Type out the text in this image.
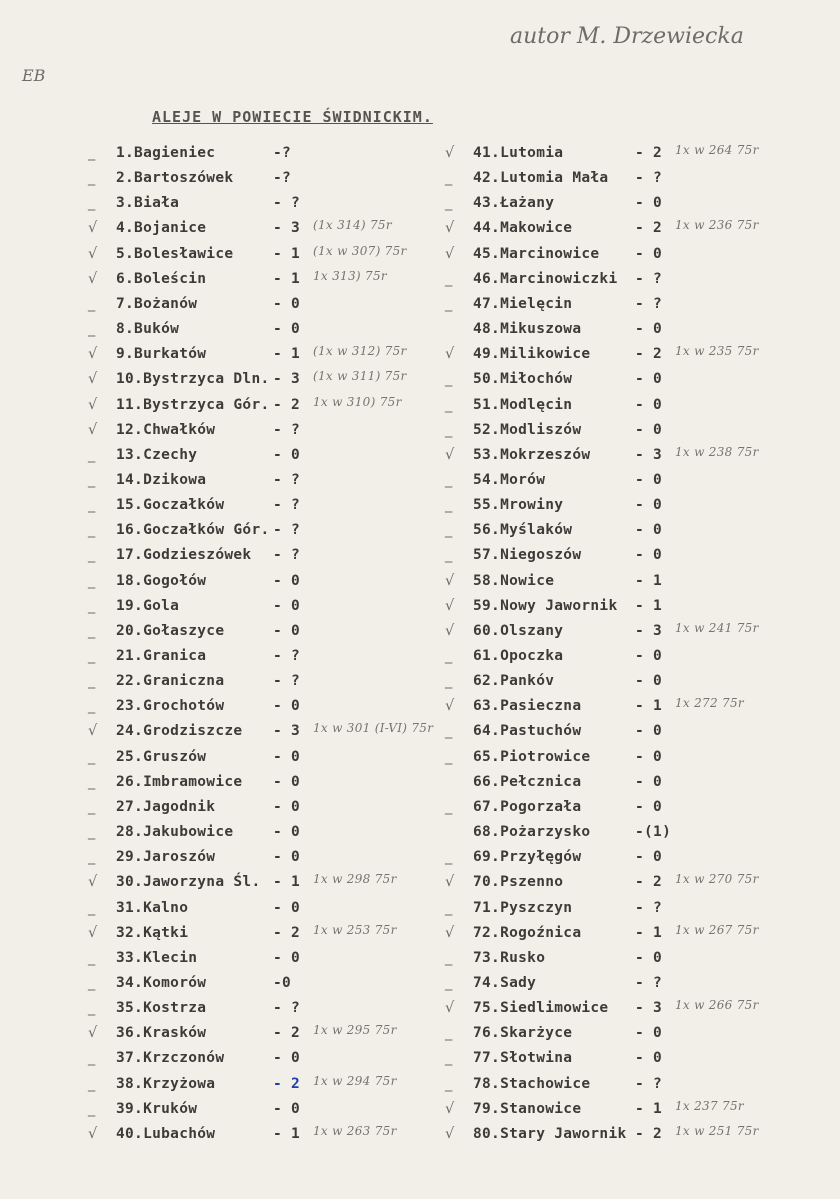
EB
autor M. Drzewiecka
ALEJE W POWIECIE ŚWIDNICKIM.
_ 1.Bagieniec	-?
_ 2.Bartoszówek	-?
_ 3.Biała	- ?
√ 4.Bojanice	- 3 (1x 314) 75r
√ 5.Bolesławice	- 1 (1x w 307) 75r
√ 6.Boleścin	- 1 1x 313) 75r
_ 7.Bożanów	- 0
_ 8.Buków	- 0
√ 9.Burkatów	- 1 (1x w 312) 75r
√ 10.Bystrzyca Dln. - 3 (1x w 311) 75r
√ 11.Bystrzyca Gór. - 2 1x w 310) 75r
√ 12.Chwałków	- ?
_ 13.Czechy	- 0
_ 14.Dzikowa	- ?
_ 15.Goczałków	- ?
_ 16.Goczałków Gór. - ?
_ 17.Godzieszówek - ?
_ 18.Gogołów	- 0
_ 19.Gola	- 0
_ 20.Gołaszyce	- 0
_ 21.Granica	- ?
_ 22.Graniczna	- ?
_ 23.Grochotów	- 0
√ 24.Grodziszcze - 3 1x w 301 (I-VI) 75r
_ 25.Gruszów	- 0
_ 26.Imbramowice - 0
_ 27.Jagodnik	- 0
_ 28.Jakubowice	- 0
_ 29.Jaroszów	- 0
√ 30.Jaworzyna Śl. - 1 1x w 298 75r
_ 31.Kalno	- 0
√ 32.Kątki	- 2 1x w 253 75r
_ 33.Klecin	- 0
_ 34.Komorów	-0
_ 35.Kostrza	- ?
√ 36.Krasków	- 2 1x w 295 75r
_ 37.Krzczonów	- 0
_ 38.Krzyżowa	- 2 1x w 294 75r
_ 39.Kruków	- 0
√ 40.Lubachów	- 1 1x w 263 75r
√ 41.Lutomia	- 2 1x w 264 75r
_ 42.Lutomia Mała - ?
_ 43.Łażany	- 0
√ 44.Makowice	- 2 1x w 236 75r
√ 45.Marcinowice - 0
_ 46.Marcinowiczki - ?
_ 47.Mielęcin	- ?
48.Mikuszowa	- 0
√ 49.Milikowice	- 2 1x w 235 75r
_ 50.Miłochów	- 0
_ 51.Modlęcin	- 0
_ 52.Modliszów	- 0
√ 53.Mokrzeszów	- 3 1x w 238 75r
_ 54.Morów	- 0
_ 55.Mrowiny	- 0
_ 56.Myślaków	- 0
_ 57.Niegoszów	- 0
√ 58.Nowice	- 1
√ 59.Nowy Jawornik - 1
√ 60.Olszany	- 3 1x w 241 75r
_ 61.Opoczka	- 0
_ 62.Pankóv	- 0
√ 63.Pasieczna	- 1 1x 272 75r
_ 64.Pastuchów	- 0
_ 65.Piotrowice	- 0
66.Pełcznica	- 0
_ 67.Pogorzała	- 0
68.Pożarzysko	-(1)
_ 69.Przyłęgów	- 0
√ 70.Pszenno	- 2 1x w 270 75r
_ 71.Pyszczyn	- ?
√ 72.Rogoźnica	- 1 1x w 267 75r
_ 73.Rusko	- 0
_ 74.Sady	- ?
√ 75.Siedlimowice - 3 1x w 266 75r
_ 76.Skarżyce	- 0
_ 77.Słotwina	- 0
_ 78.Stachowice	- ?
√ 79.Stanowice	- 1 1x 237 75r
√ 80.Stary Jawornik - 2 1x w 251 75r
